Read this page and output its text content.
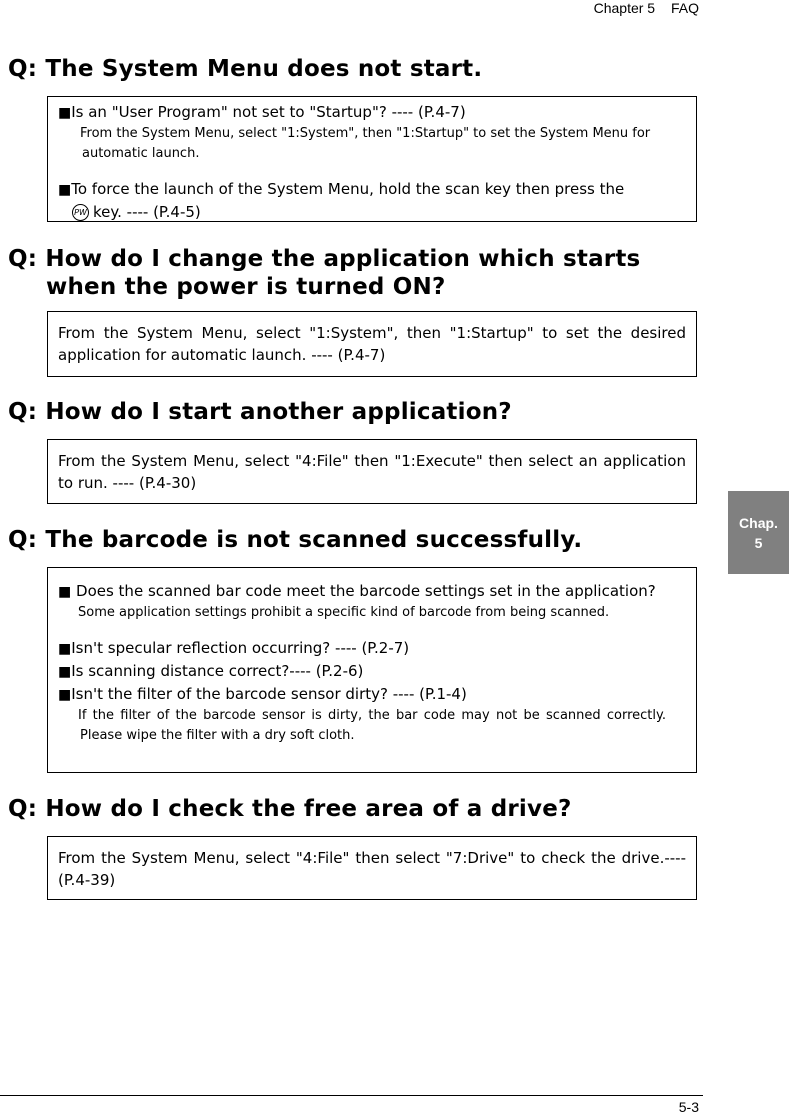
Chapter 5 FAQ
Q: The System Menu does not start.
■Is an "User Program" not set to "Startup"? ---- (P.4-7)
From the System Menu, select "1:System", then "1:Startup" to set the System Menu for automatic launch.
■To force the launch of the System Menu, hold the scan key then press the
PW key. ---- (P.4-5)
Q: How do I change the application which starts
when the power is turned ON?
From the System Menu, select "1:System", then "1:Startup" to set the desired application for automatic launch. ---- (P.4-7)
Q: How do I start another application?
From the System Menu, select "4:File" then "1:Execute" then select an application to run. ---- (P.4-30)
Q: The barcode is not scanned successfully.
■ Does the scanned bar code meet the barcode settings set in the application?
Some application settings prohibit a specific kind of barcode from being scanned.
■Isn't specular reflection occurring? ---- (P.2-7)
■Is scanning distance correct?---- (P.2-6)
■Isn't the filter of the barcode sensor dirty? ---- (P.1-4)
If the filter of the barcode sensor is dirty, the bar code may not be scanned correctly. Please wipe the filter with a dry soft cloth.
Q: How do I check the free area of a drive?
From the System Menu, select "4:File" then select "7:Drive" to check the drive.---- (P.4-39)
Chap.
5
5-3
